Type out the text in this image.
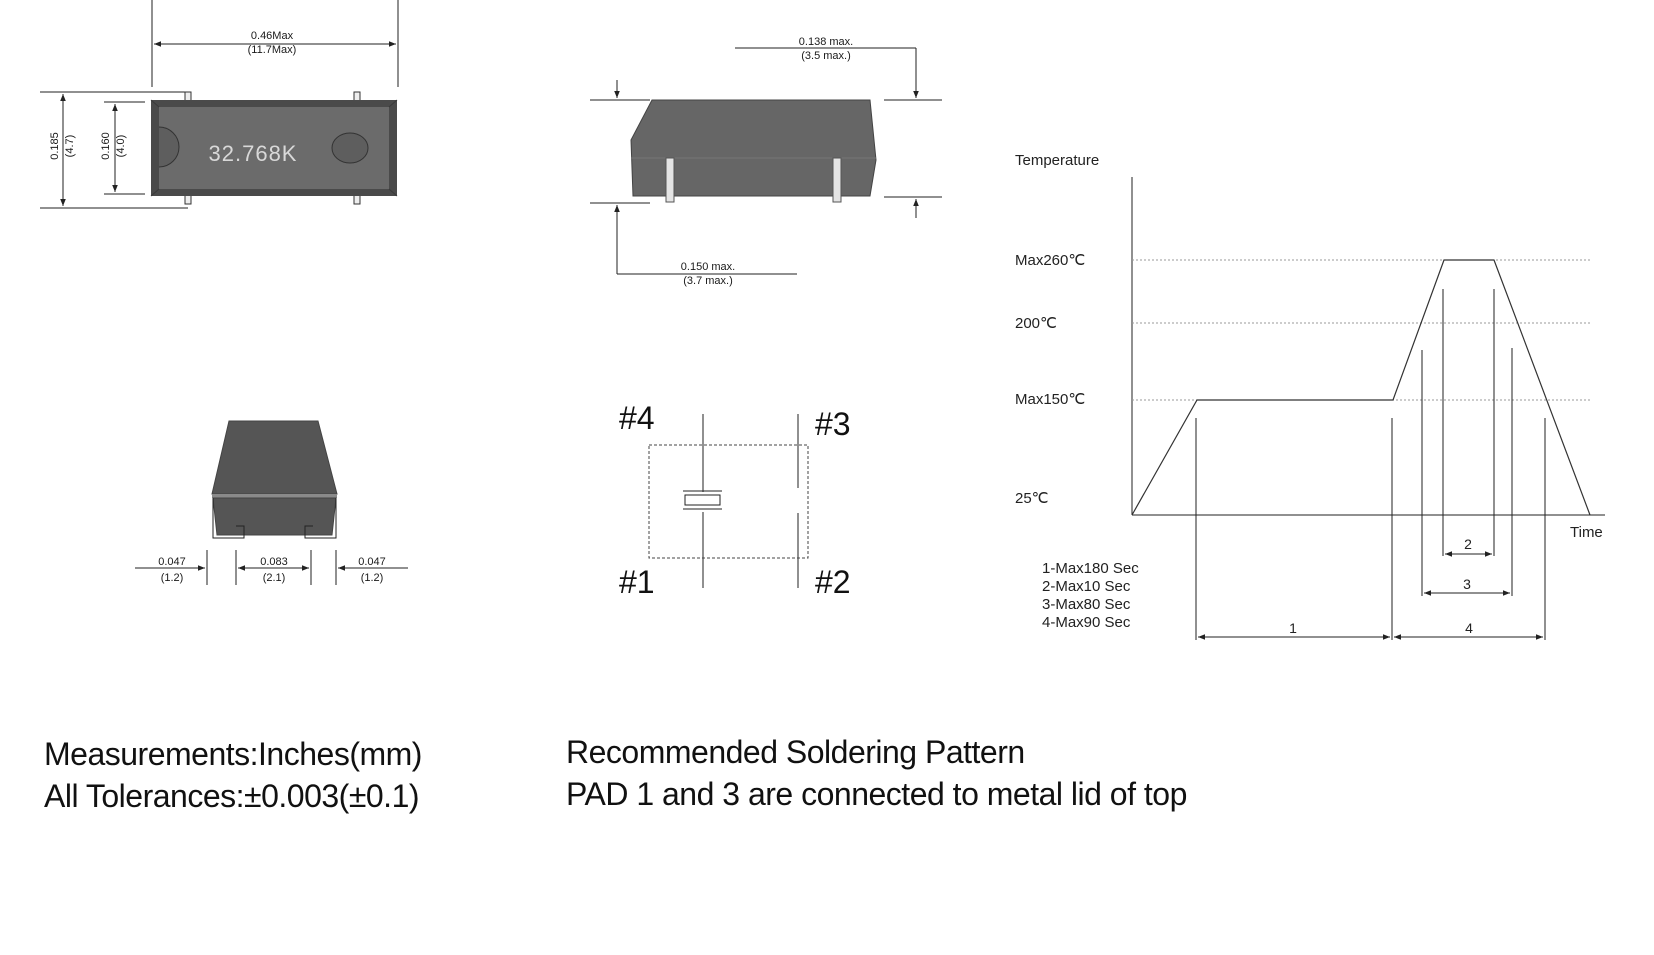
0.46Max
(11.7Max)
0.185 (4.7) 0.160 (4.0)	32.768K
0.138 max.
(3.5 max.)
0.150 max.
(3.7 max.)
0.047
(1.2)
0.083
(2.1)
0.047
(1.2)
#4	#3
#1	#2
Temperature
Time
Max260℃
200℃
Max150℃
25℃
2
3
1	4
1-Max180 Sec
2-Max10 Sec
3-Max80 Sec
4-Max90 Sec
Measurements:Inches(mm)
All Tolerances:±0.003(±0.1)
Recommended Soldering Pattern
PAD 1 and 3 are connected to metal lid of top
